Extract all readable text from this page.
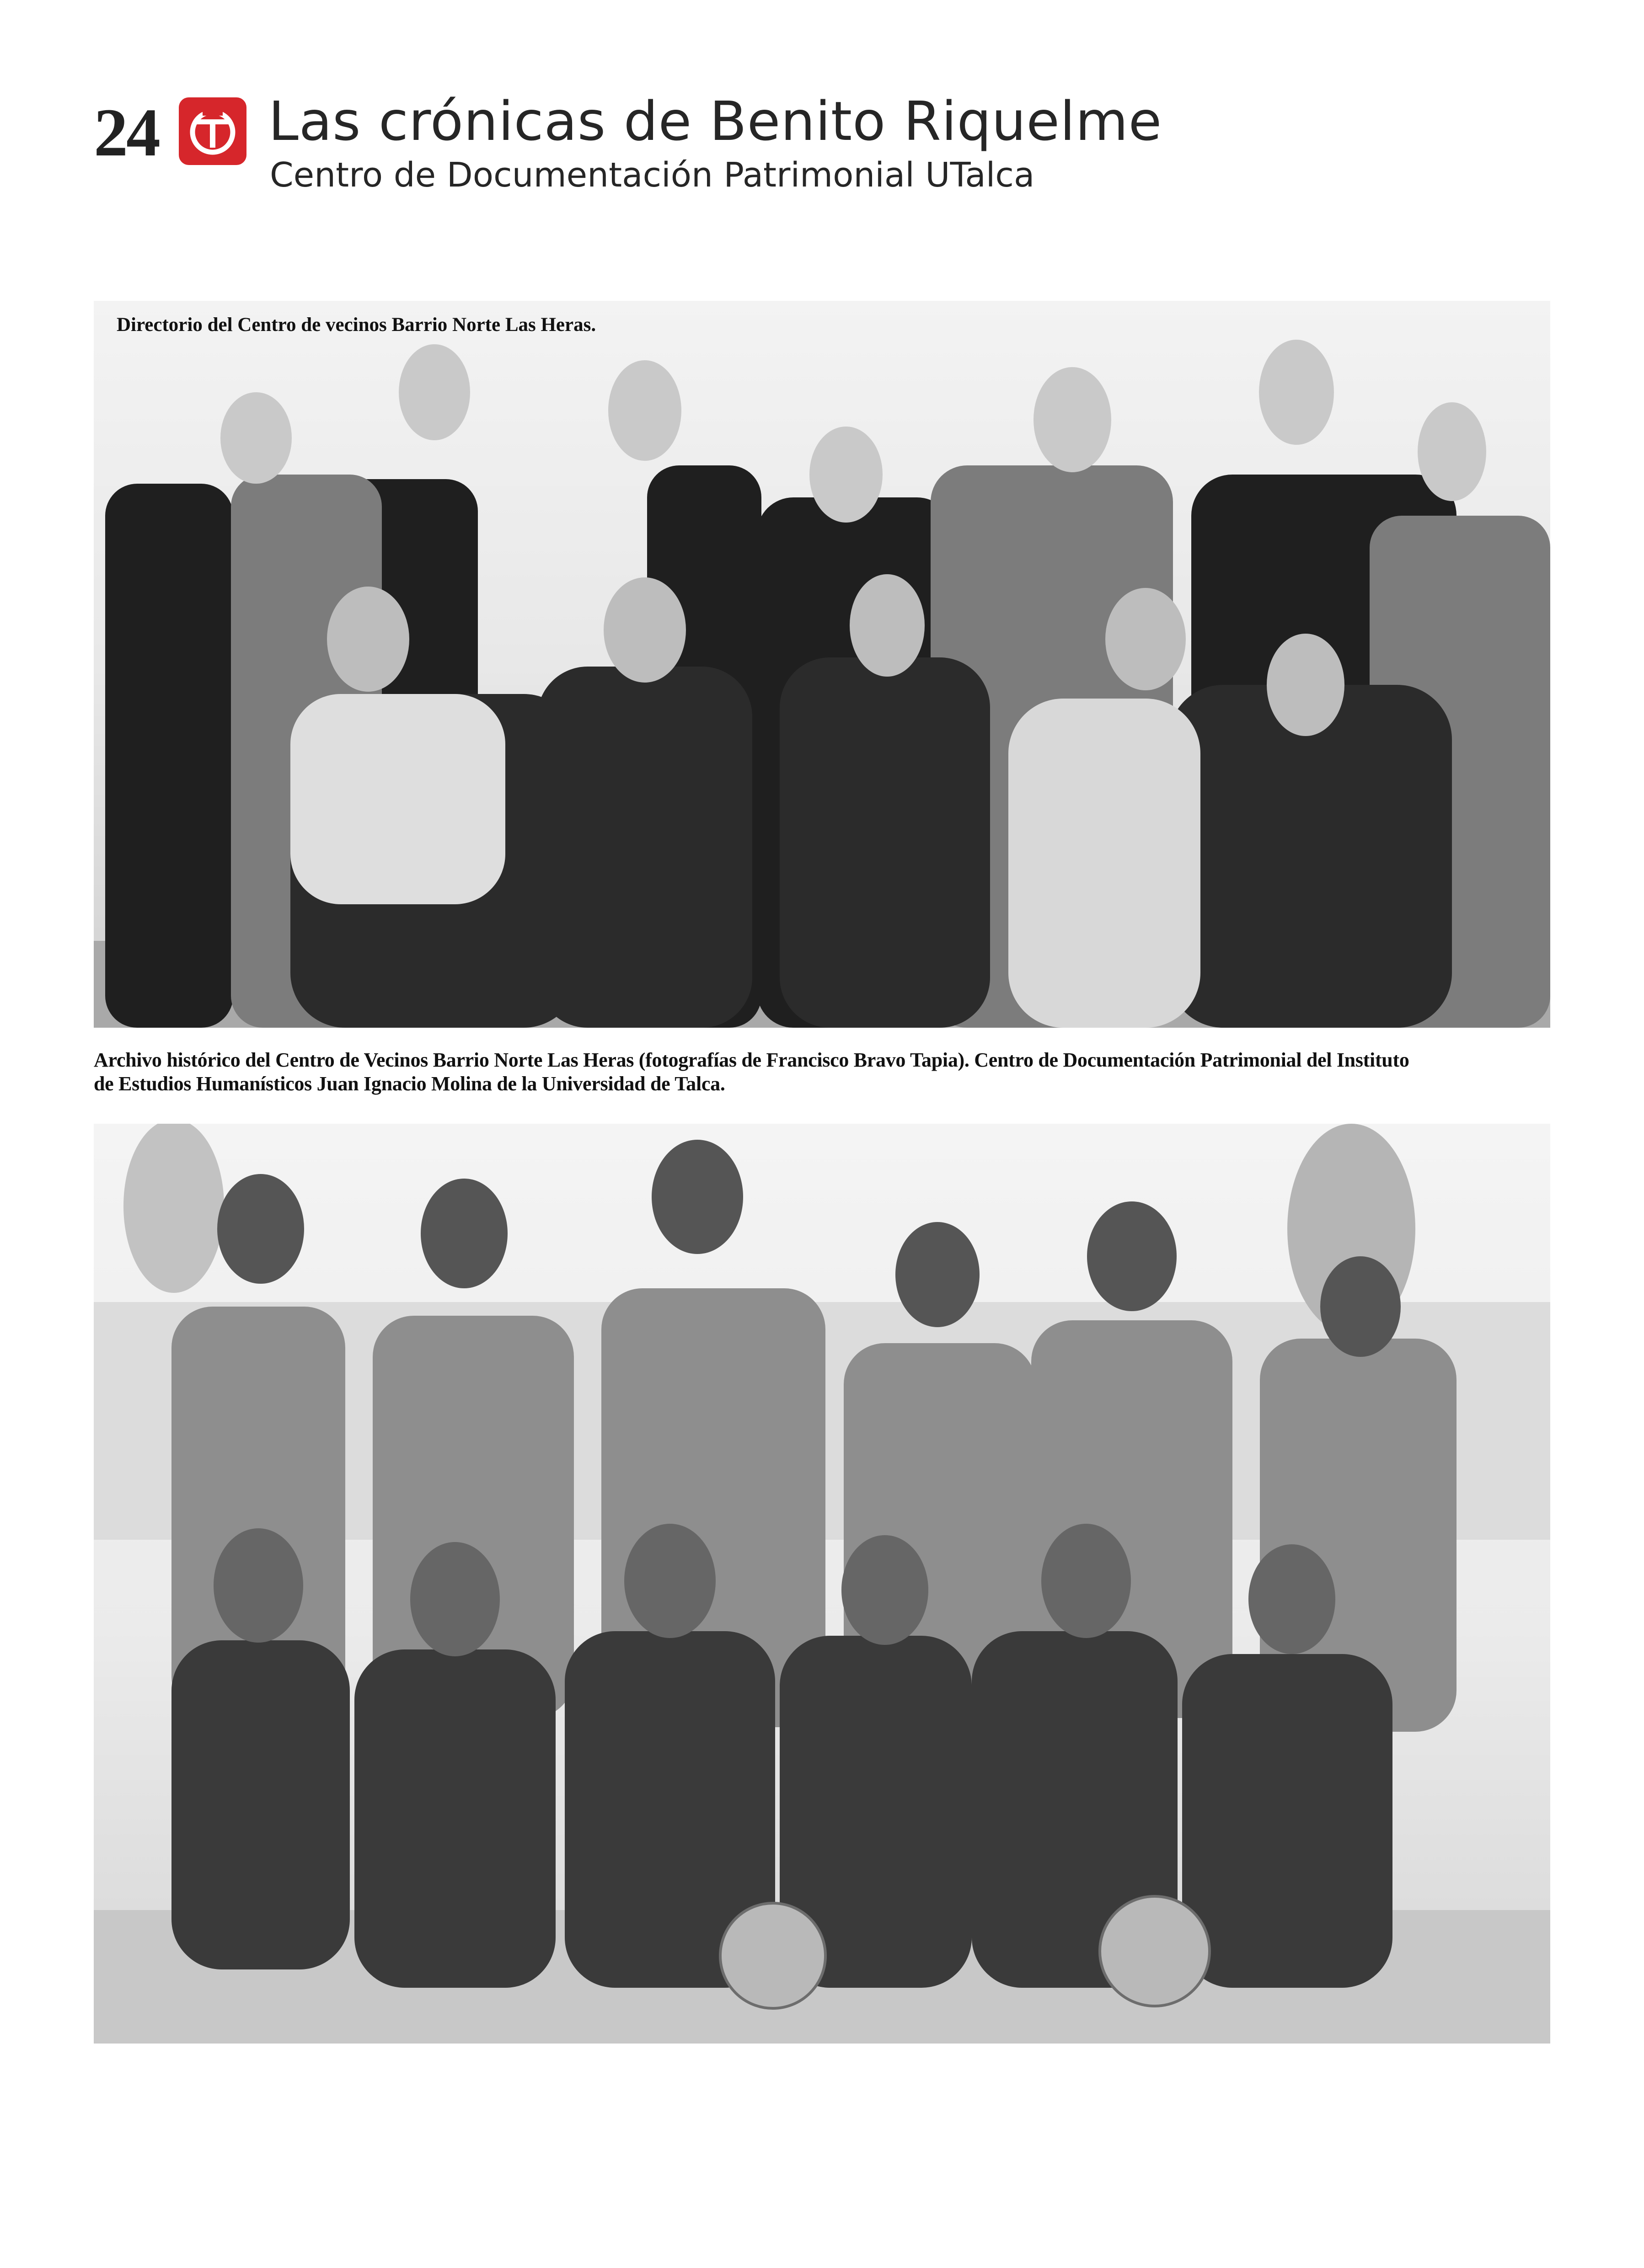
24 Las crónicas de Benito Riquelme
Centro de Documentación Patrimonial UTalca
Directorio del Centro de vecinos Barrio Norte Las Heras.
Archivo histórico del Centro de Vecinos Barrio Norte Las Heras (fotografías de Francisco Bravo Tapia). Centro de Documentación Patrimonial del Instituto
de Estudios Humanísticos Juan Ignacio Molina de la Universidad de Talca.
